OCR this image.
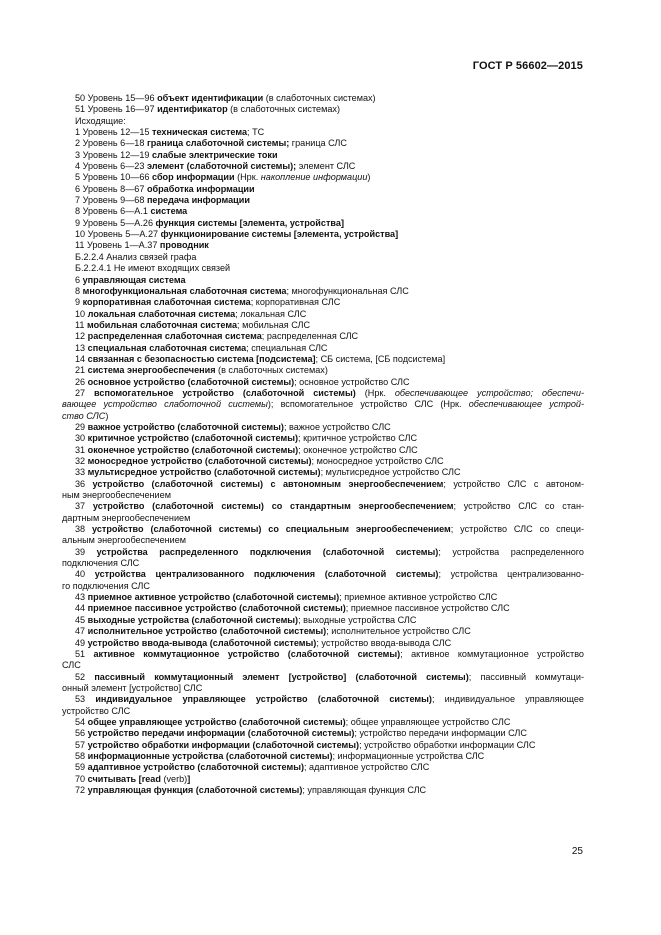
ГОСТ Р 56602—2015
50 Уровень 15—96 объект идентификации (в слаботочных системах)
51 Уровень 16—97 идентификатор (в слаботочных системах)
Исходящие:
1 Уровень 12—15 техническая система; ТС
2 Уровень 6—18 граница слаботочной системы; граница СЛС
3 Уровень 12—19 слабые электрические токи
4 Уровень 6—23 элемент (слаботочной системы); элемент СЛС
5 Уровень 10—66 сбор информации (Нрк. накопление информации)
6 Уровень 8—67 обработка информации
7 Уровень 9—68 передача информации
8 Уровень 6—А.1 система
9 Уровень 5—А.26 функция системы [элемента, устройства]
10 Уровень 5—А.27 функционирование системы [элемента, устройства]
11 Уровень 1—А.37 проводник
Б.2.2.4 Анализ связей графа
Б.2.2.4.1 Не имеют входящих связей
6 управляющая система
8 многофункциональная слаботочная система; многофункциональная СЛС
9 корпоративная слаботочная система; корпоративная СЛС
10 локальная слаботочная система; локальная СЛС
11 мобильная слаботочная система; мобильная СЛС
12 распределенная слаботочная система; распределенная СЛС
13 специальная слаботочная система; специальная СЛС
14 связанная с безопасностью система [подсистема]; СБ система, [СБ подсистема]
21 система энергообеспечения (в слаботочных системах)
26 основное устройство (слаботочной системы); основное устройство СЛС
27 вспомогательное устройство (слаботочной системы) (Нрк. обеспечивающее устройство; обеспечи-
вающее устройство слаботочной системы); вспомогательное устройство СЛС (Нрк. обеспечивающее устрой-
ство СЛС)
29 важное устройство (слаботочной системы); важное устройство СЛС
30 критичное устройство (слаботочной системы); критичное устройство СЛС
31 оконечное устройство (слаботочной системы); оконечное устройство СЛС
32 моносредное устройство (слаботочной системы); моносредное устройство СЛС
33 мультисредное устройство (слаботочной системы); мультисредное устройство СЛС
36 устройство (слаботочной системы) с автономным энергообеспечением; устройство СЛС с автоном-
ным энергообеспечением
37 устройство (слаботочной системы) со стандартным энергообеспечением; устройство СЛС со стан-
дартным энергообеспечением
38 устройство (слаботочной системы) со специальным энергообеспечением; устройство СЛС со специ-
альным энергообеспечением
39 устройства распределенного подключения (слаботочной системы); устройства распределенного
подключения СЛС
40 устройства централизованного подключения (слаботочной системы); устройства централизованно-
го подключения СЛС
43 приемное активное устройство (слаботочной системы); приемное активное устройство СЛС
44 приемное пассивное устройство (слаботочной системы); приемное пассивное устройство СЛС
45 выходные устройства (слаботочной системы); выходные устройства СЛС
47 исполнительное устройство (слаботочной системы); исполнительное устройство СЛС
49 устройство ввода-вывода (слаботочной системы); устройство ввода-вывода СЛС
51 активное коммутационное устройство (слаботочной системы); активное коммутационное устройство
СЛС
52 пассивный коммутационный элемент [устройство] (слаботочной системы); пассивный коммутаци-
онный элемент [устройство] СЛС
53 индивидуальное управляющее устройство (слаботочной системы); индивидуальное управляющее
устройство СЛС
54 общее управляющее устройство (слаботочной системы); общее управляющее устройство СЛС
56 устройство передачи информации (слаботочной системы); устройство передачи информации СЛС
57 устройство обработки информации (слаботочной системы); устройство обработки информации СЛС
58 информационные устройства (слаботочной системы); информационные устройства СЛС
59 адаптивное устройство (слаботочной системы); адаптивное устройство СЛС
70 считывать [read (verb)]
72 управляющая функция (слаботочной системы); управляющая функция СЛС
25
